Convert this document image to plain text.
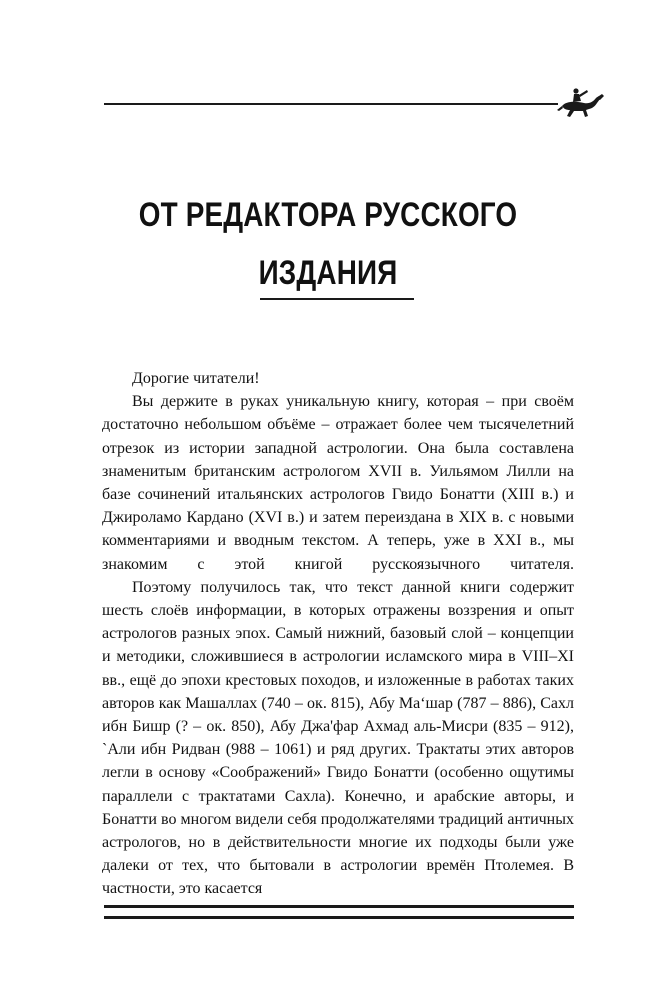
ОТ РЕДАКТОРА РУССКОГО
ИЗДАНИЯ

Дорогие читатели!

Вы держите в руках уникальную книгу, которая – при своём достаточно небольшом объёме – отражает более чем тысячелетний отрезок из истории западной астрологии. Она была составлена знаменитым британским астрологом XVII в. Уильямом Лилли на базе сочинений итальянских астрологов Гвидо Бонатти (XIII в.) и Джироламо Кардано (XVI в.) и затем переиздана в XIX в. с новыми комментариями и вводным текстом. А теперь, уже в XXI в., мы знакомим с этой книгой русскоязычного читателя.

Поэтому получилось так, что текст данной книги содержит шесть слоёв информации, в которых отражены воззрения и опыт астрологов разных эпох. Самый нижний, базовый слой – концепции и методики, сложившиеся в астрологии исламского мира в VIII–XI вв., ещё до эпохи крестовых походов, и изложенные в работах таких авторов как Машаллах (740 – ок. 815), Абу Ма‘шар (787 – 886), Сахл ибн Бишр (? – ок. 850), Абу Джа'фар Ахмад аль-Мисри (835 – 912), `Али ибн Ридван (988 – 1061) и ряд других. Трактаты этих авторов легли в основу «Соображений» Гвидо Бонатти (особенно ощутимы параллели с трактатами Сахла). Конечно, и арабские авторы, и Бонатти во многом видели себя продолжателями традиций античных астрологов, но в действительности многие их подходы были уже далеки от тех, что бытовали в астрологии времён Птолемея. В частности, это касается
